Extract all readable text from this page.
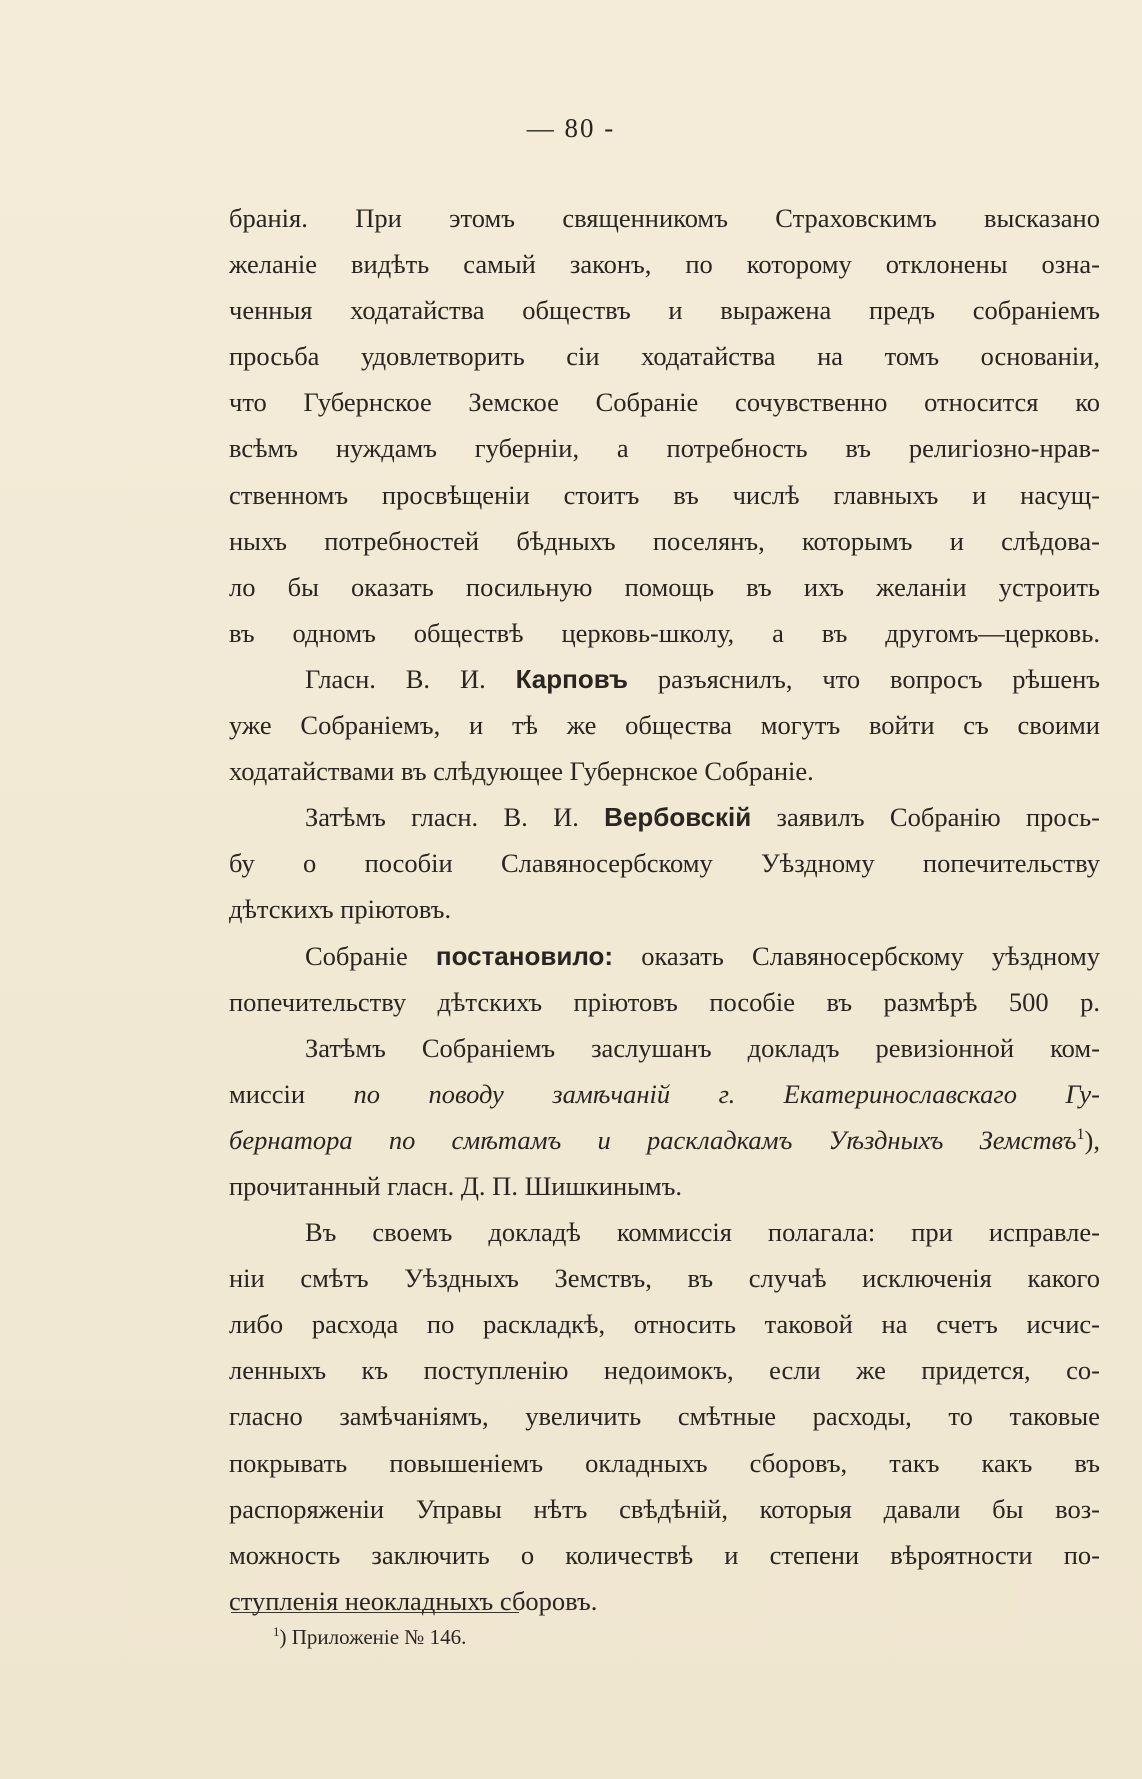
— 80 -
бранія. При этомъ священникомъ Страховскимъ высказано
желаніе видѣть самый законъ, по которому отклонены озна-
ченныя ходатайства обществъ и выражена предъ собраніемъ
просьба удовлетворить сіи ходатайства на томъ основаніи,
что Губернское Земское Собраніе сочувственно относится ко
всѣмъ нуждамъ губерніи, а потребность въ религіозно-нрав-
ственномъ просвѣщеніи стоитъ въ числѣ главныхъ и насущ-
ныхъ потребностей бѣдныхъ поселянъ, которымъ и слѣдова-
ло бы оказать посильную помощь въ ихъ желаніи устроить
въ одномъ обществѣ церковь-школу, а въ другомъ—церковь.
Гласн. В. И. Карповъ разъяснилъ, что вопросъ рѣшенъ
уже Собраніемъ, и тѣ же общества могутъ войти съ своими
ходатайствами въ слѣдующее Губернское Собраніе.
Затѣмъ гласн. В. И. Вербовскій заявилъ Собранію прось-
бу о пособіи Славяносербскому Уѣздному попечительству
дѣтскихъ пріютовъ.
Собраніе постановило: оказать Славяносербскому уѣздному
попечительству дѣтскихъ пріютовъ пособіе въ размѣрѣ 500 р.
Затѣмъ Собраніемъ заслушанъ докладъ ревизіонной ком-
миссіи по поводу замѣчаній г. Екатеринославскаго Гу-
бернатора по смѣтамъ и раскладкамъ Уѣздныхъ Земствъ$^1$),
прочитанный гласн. Д. П. Шишкинымъ.
Въ своемъ докладѣ коммиссія полагала: при исправле-
ніи смѣтъ Уѣздныхъ Земствъ, въ случаѣ исключенія какого
либо расхода по раскладкѣ, относить таковой на счетъ исчис-
ленныхъ къ поступленію недоимокъ, если же придется, со-
гласно замѣчаніямъ, увеличить смѣтные расходы, то таковые
покрывать повышеніемъ окладныхъ сборовъ, такъ какъ въ
распоряженіи Управы нѣтъ свѣдѣній, которыя давали бы воз-
можность заключить о количествѣ и степени вѣроятности по-
ступленія неокладныхъ сборовъ.
$^1$) Приложеніе № 146.
